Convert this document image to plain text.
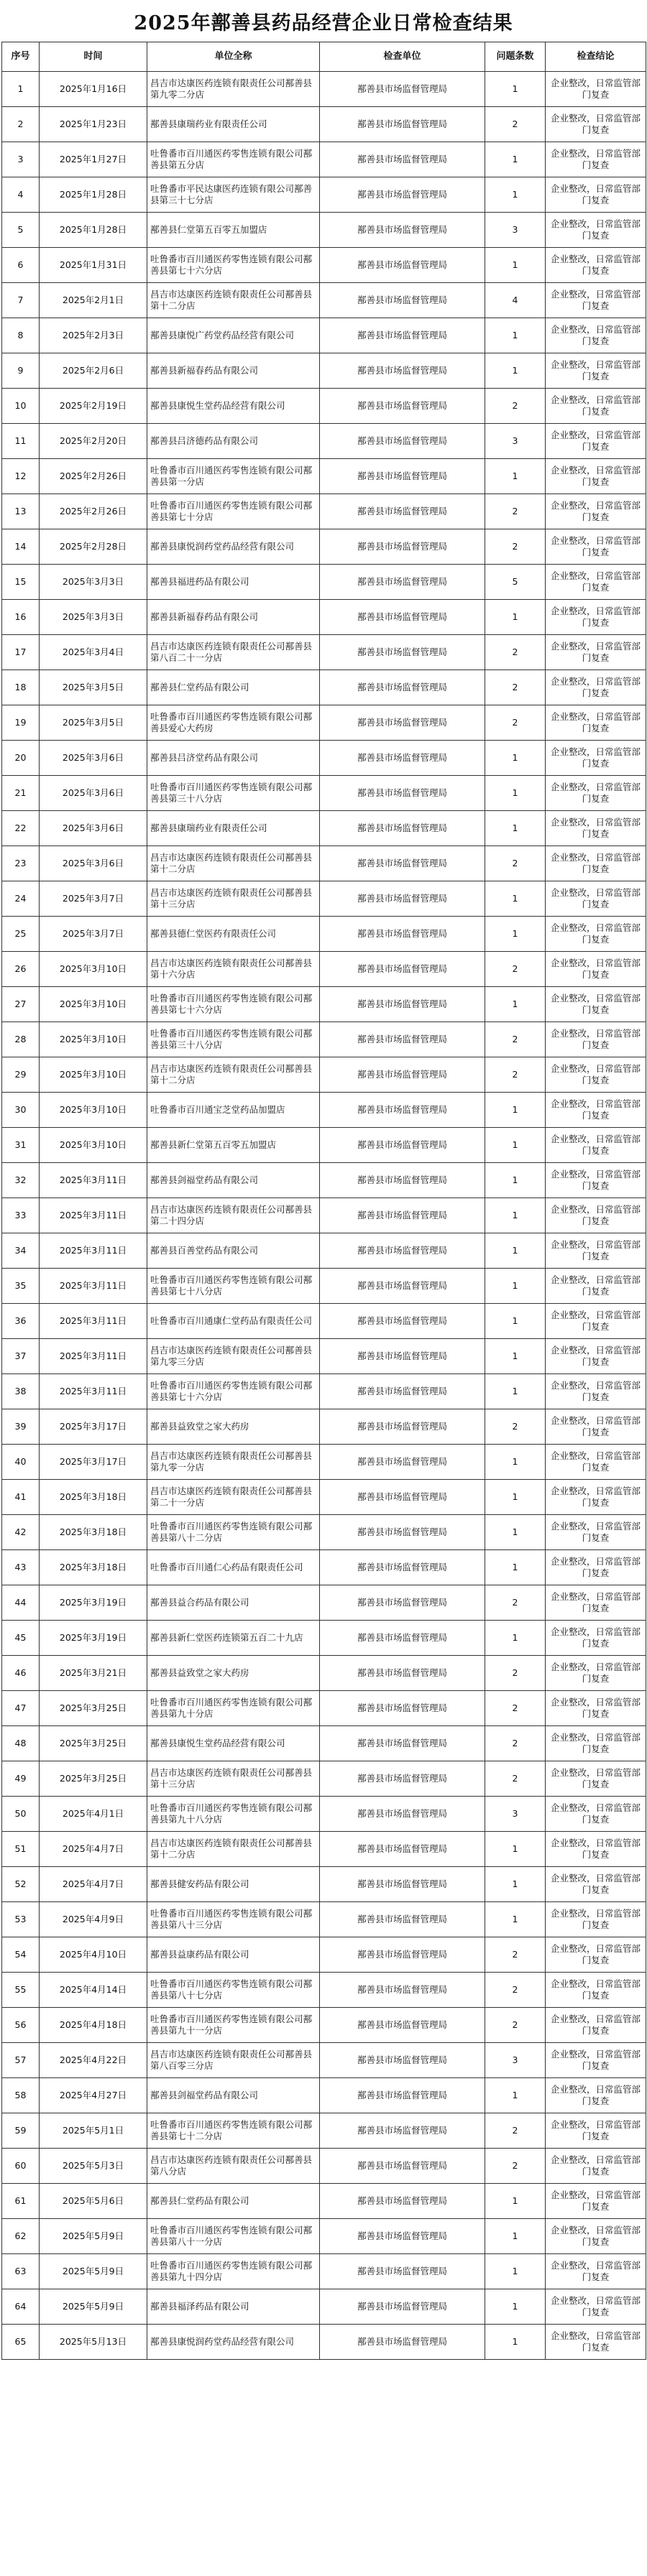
2025年鄯善县药品经营企业日常检查结果
序号	时间	单位全称	检查单位	问题条数	检查结论
1	2025年1月16日	昌吉市达康医药连锁有限责任公司鄯善县第九零二分店	鄯善县市场监督管理局	1	企业整改，日常监管部门复查
2	2025年1月23日	鄯善县康瑞药业有限责任公司	鄯善县市场监督管理局	2	企业整改，日常监管部门复查
3	2025年1月27日	吐鲁番市百川通医药零售连锁有限公司鄯善县第五分店	鄯善县市场监督管理局	1	企业整改，日常监管部门复查
4	2025年1月28日	吐鲁番市平民达康医药连锁有限公司鄯善县第三十七分店	鄯善县市场监督管理局	1	企业整改，日常监管部门复查
5	2025年1月28日	鄯善县仁堂第五百零五加盟店	鄯善县市场监督管理局	3	企业整改，日常监管部门复查
6	2025年1月31日	吐鲁番市百川通医药零售连锁有限公司鄯善县第七十六分店	鄯善县市场监督管理局	1	企业整改，日常监管部门复查
7	2025年2月1日	昌吉市达康医药连锁有限责任公司鄯善县第十二分店	鄯善县市场监督管理局	4	企业整改，日常监管部门复查
8	2025年2月3日	鄯善县康悦广药堂药品经营有限公司	鄯善县市场监督管理局	1	企业整改，日常监管部门复查
9	2025年2月6日	鄯善县新福春药品有限公司	鄯善县市场监督管理局	1	企业整改，日常监管部门复查
10	2025年2月19日	鄯善县康悦生堂药品经营有限公司	鄯善县市场监督管理局	2	企业整改，日常监管部门复查
11	2025年2月20日	鄯善县吕济德药品有限公司	鄯善县市场监督管理局	3	企业整改，日常监管部门复查
12	2025年2月26日	吐鲁番市百川通医药零售连锁有限公司鄯善县第一分店	鄯善县市场监督管理局	1	企业整改，日常监管部门复查
13	2025年2月26日	吐鲁番市百川通医药零售连锁有限公司鄯善县第七十分店	鄯善县市场监督管理局	2	企业整改，日常监管部门复查
14	2025年2月28日	鄯善县康悦润药堂药品经营有限公司	鄯善县市场监督管理局	2	企业整改，日常监管部门复查
15	2025年3月3日	鄯善县福进药品有限公司	鄯善县市场监督管理局	5	企业整改，日常监管部门复查
16	2025年3月3日	鄯善县新福春药品有限公司	鄯善县市场监督管理局	1	企业整改，日常监管部门复查
17	2025年3月4日	昌吉市达康医药连锁有限责任公司鄯善县第八百二十一分店	鄯善县市场监督管理局	2	企业整改，日常监管部门复查
18	2025年3月5日	鄯善县仁堂药品有限公司	鄯善县市场监督管理局	2	企业整改，日常监管部门复查
19	2025年3月5日	吐鲁番市百川通医药零售连锁有限公司鄯善县爱心大药房	鄯善县市场监督管理局	2	企业整改，日常监管部门复查
20	2025年3月6日	鄯善县吕济堂药品有限公司	鄯善县市场监督管理局	1	企业整改，日常监管部门复查
21	2025年3月6日	吐鲁番市百川通医药零售连锁有限公司鄯善县第三十八分店	鄯善县市场监督管理局	1	企业整改，日常监管部门复查
22	2025年3月6日	鄯善县康瑞药业有限责任公司	鄯善县市场监督管理局	1	企业整改，日常监管部门复查
23	2025年3月6日	昌吉市达康医药连锁有限责任公司鄯善县第十二分店	鄯善县市场监督管理局	2	企业整改，日常监管部门复查
24	2025年3月7日	昌吉市达康医药连锁有限责任公司鄯善县第十三分店	鄯善县市场监督管理局	1	企业整改，日常监管部门复查
25	2025年3月7日	鄯善县德仁堂医药有限责任公司	鄯善县市场监督管理局	1	企业整改，日常监管部门复查
26	2025年3月10日	昌吉市达康医药连锁有限责任公司鄯善县第十六分店	鄯善县市场监督管理局	2	企业整改，日常监管部门复查
27	2025年3月10日	吐鲁番市百川通医药零售连锁有限公司鄯善县第七十六分店	鄯善县市场监督管理局	1	企业整改，日常监管部门复查
28	2025年3月10日	吐鲁番市百川通医药零售连锁有限公司鄯善县第三十八分店	鄯善县市场监督管理局	2	企业整改，日常监管部门复查
29	2025年3月10日	昌吉市达康医药连锁有限责任公司鄯善县第十二分店	鄯善县市场监督管理局	2	企业整改，日常监管部门复查
30	2025年3月10日	吐鲁番市百川通宝芝堂药品加盟店	鄯善县市场监督管理局	1	企业整改，日常监管部门复查
31	2025年3月10日	鄯善县新仁堂第五百零五加盟店	鄯善县市场监督管理局	1	企业整改，日常监管部门复查
32	2025年3月11日	鄯善县剑福堂药品有限公司	鄯善县市场监督管理局	1	企业整改，日常监管部门复查
33	2025年3月11日	昌吉市达康医药连锁有限责任公司鄯善县第二十四分店	鄯善县市场监督管理局	1	企业整改，日常监管部门复查
34	2025年3月11日	鄯善县百善堂药品有限公司	鄯善县市场监督管理局	1	企业整改，日常监管部门复查
35	2025年3月11日	吐鲁番市百川通医药零售连锁有限公司鄯善县第七十八分店	鄯善县市场监督管理局	1	企业整改，日常监管部门复查
36	2025年3月11日	吐鲁番市百川通康仁堂药品有限责任公司	鄯善县市场监督管理局	1	企业整改，日常监管部门复查
37	2025年3月11日	昌吉市达康医药连锁有限责任公司鄯善县第九零三分店	鄯善县市场监督管理局	1	企业整改，日常监管部门复查
38	2025年3月11日	吐鲁番市百川通医药零售连锁有限公司鄯善县第七十六分店	鄯善县市场监督管理局	1	企业整改，日常监管部门复查
39	2025年3月17日	鄯善县益致堂之家大药房	鄯善县市场监督管理局	2	企业整改，日常监管部门复查
40	2025年3月17日	昌吉市达康医药连锁有限责任公司鄯善县第九零一分店	鄯善县市场监督管理局	1	企业整改，日常监管部门复查
41	2025年3月18日	昌吉市达康医药连锁有限责任公司鄯善县第二十一分店	鄯善县市场监督管理局	1	企业整改，日常监管部门复查
42	2025年3月18日	吐鲁番市百川通医药零售连锁有限公司鄯善县第八十二分店	鄯善县市场监督管理局	1	企业整改，日常监管部门复查
43	2025年3月18日	吐鲁番市百川通仁心药品有限责任公司	鄯善县市场监督管理局	1	企业整改，日常监管部门复查
44	2025年3月19日	鄯善县益合药品有限公司	鄯善县市场监督管理局	2	企业整改，日常监管部门复查
45	2025年3月19日	鄯善县新仁堂医药连锁第五百二十九店	鄯善县市场监督管理局	1	企业整改，日常监管部门复查
46	2025年3月21日	鄯善县益致堂之家大药房	鄯善县市场监督管理局	2	企业整改，日常监管部门复查
47	2025年3月25日	吐鲁番市百川通医药零售连锁有限公司鄯善县第九十分店	鄯善县市场监督管理局	2	企业整改，日常监管部门复查
48	2025年3月25日	鄯善县康悦生堂药品经营有限公司	鄯善县市场监督管理局	2	企业整改，日常监管部门复查
49	2025年3月25日	昌吉市达康医药连锁有限责任公司鄯善县第十三分店	鄯善县市场监督管理局	2	企业整改，日常监管部门复查
50	2025年4月1日	吐鲁番市百川通医药零售连锁有限公司鄯善县第九十八分店	鄯善县市场监督管理局	3	企业整改，日常监管部门复查
51	2025年4月7日	昌吉市达康医药连锁有限责任公司鄯善县第十二分店	鄯善县市场监督管理局	1	企业整改，日常监管部门复查
52	2025年4月7日	鄯善县健安药品有限公司	鄯善县市场监督管理局	1	企业整改，日常监管部门复查
53	2025年4月9日	吐鲁番市百川通医药零售连锁有限公司鄯善县第八十三分店	鄯善县市场监督管理局	1	企业整改，日常监管部门复查
54	2025年4月10日	鄯善县益康药品有限公司	鄯善县市场监督管理局	2	企业整改，日常监管部门复查
55	2025年4月14日	吐鲁番市百川通医药零售连锁有限公司鄯善县第八十七分店	鄯善县市场监督管理局	2	企业整改，日常监管部门复查
56	2025年4月18日	吐鲁番市百川通医药零售连锁有限公司鄯善县第九十一分店	鄯善县市场监督管理局	2	企业整改，日常监管部门复查
57	2025年4月22日	昌吉市达康医药连锁有限责任公司鄯善县第八百零三分店	鄯善县市场监督管理局	3	企业整改，日常监管部门复查
58	2025年4月27日	鄯善县剑福堂药品有限公司	鄯善县市场监督管理局	1	企业整改，日常监管部门复查
59	2025年5月1日	吐鲁番市百川通医药零售连锁有限公司鄯善县第七十二分店	鄯善县市场监督管理局	2	企业整改，日常监管部门复查
60	2025年5月3日	昌吉市达康医药连锁有限责任公司鄯善县第八分店	鄯善县市场监督管理局	2	企业整改，日常监管部门复查
61	2025年5月6日	鄯善县仁堂药品有限公司	鄯善县市场监督管理局	1	企业整改，日常监管部门复查
62	2025年5月9日	吐鲁番市百川通医药零售连锁有限公司鄯善县第八十一分店	鄯善县市场监督管理局	1	企业整改，日常监管部门复查
63	2025年5月9日	吐鲁番市百川通医药零售连锁有限公司鄯善县第九十四分店	鄯善县市场监督管理局	1	企业整改，日常监管部门复查
64	2025年5月9日	鄯善县福泽药品有限公司	鄯善县市场监督管理局	1	企业整改，日常监管部门复查
65	2025年5月13日	鄯善县康悦润药堂药品经营有限公司	鄯善县市场监督管理局	1	企业整改，日常监管部门复查
